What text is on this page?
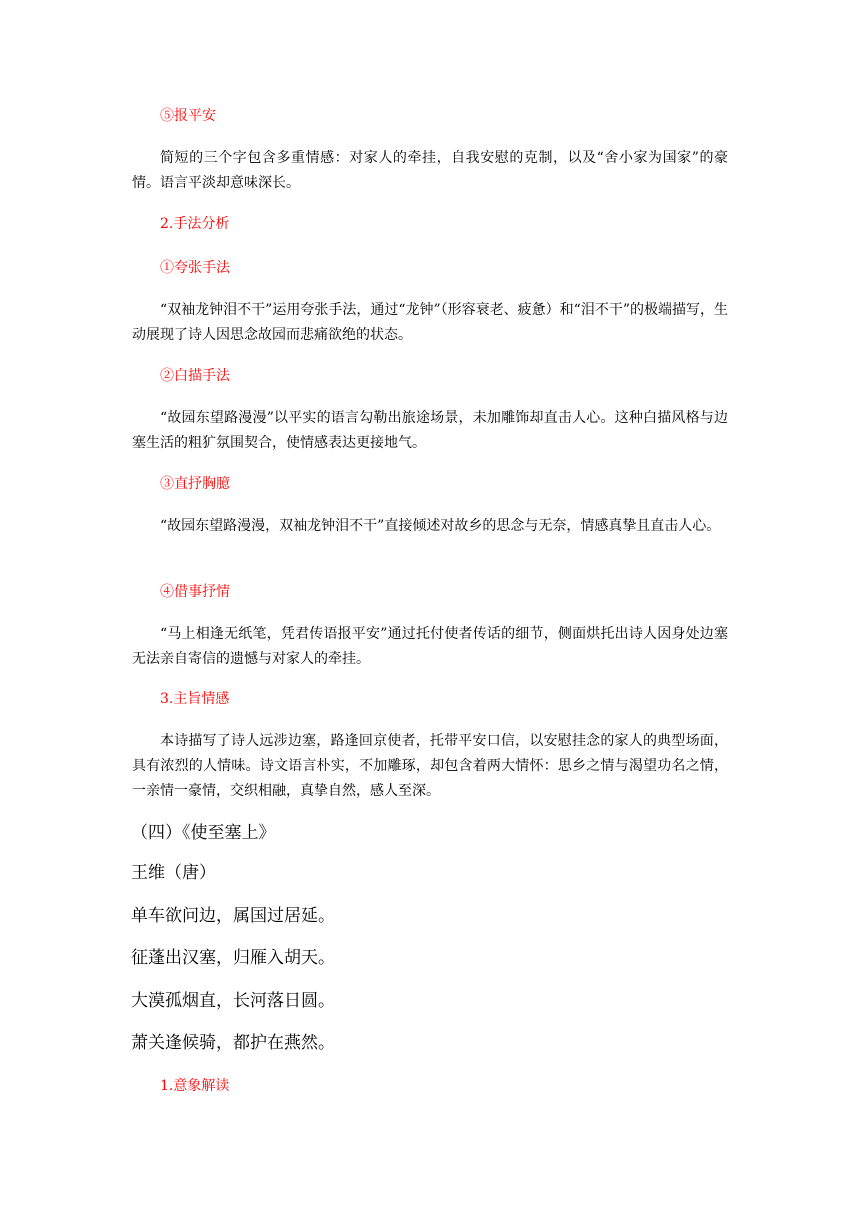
⑤报平安
简短的三个字包含多重情感：对家人的牵挂，自我安慰的克制，以及“舍小家为国家”的豪情。语言平淡却意味深长。
2.手法分析
①夸张手法
“双袖龙钟泪不干”运用夸张手法，通过“龙钟”（形容衰老、疲惫）和“泪不干”的极端描写，生动展现了诗人因思念故园而悲痛欲绝的状态。
②白描手法
“故园东望路漫漫”以平实的语言勾勒出旅途场景，未加雕饰却直击人心。这种白描风格与边塞生活的粗犷氛围契合，使情感表达更接地气。
③直抒胸臆
“故园东望路漫漫，双袖龙钟泪不干”直接倾述对故乡的思念与无奈，情感真挚且直击人心。
④借事抒情
“马上相逢无纸笔，凭君传语报平安”通过托付使者传话的细节，侧面烘托出诗人因身处边塞无法亲自寄信的遗憾与对家人的牵挂。
3.主旨情感
本诗描写了诗人远涉边塞，路逢回京使者，托带平安口信，以安慰挂念的家人的典型场面，具有浓烈的人情味。诗文语言朴实，不加雕琢，却包含着两大情怀：思乡之情与渴望功名之情，一亲情一豪情，交织相融，真挚自然，感人至深。
（四）《使至塞上》
王维（唐）
单车欲问边，属国过居延。
征蓬出汉塞，归雁入胡天。
大漠孤烟直，长河落日圆。
萧关逢候骑，都护在燕然。
1.意象解读
